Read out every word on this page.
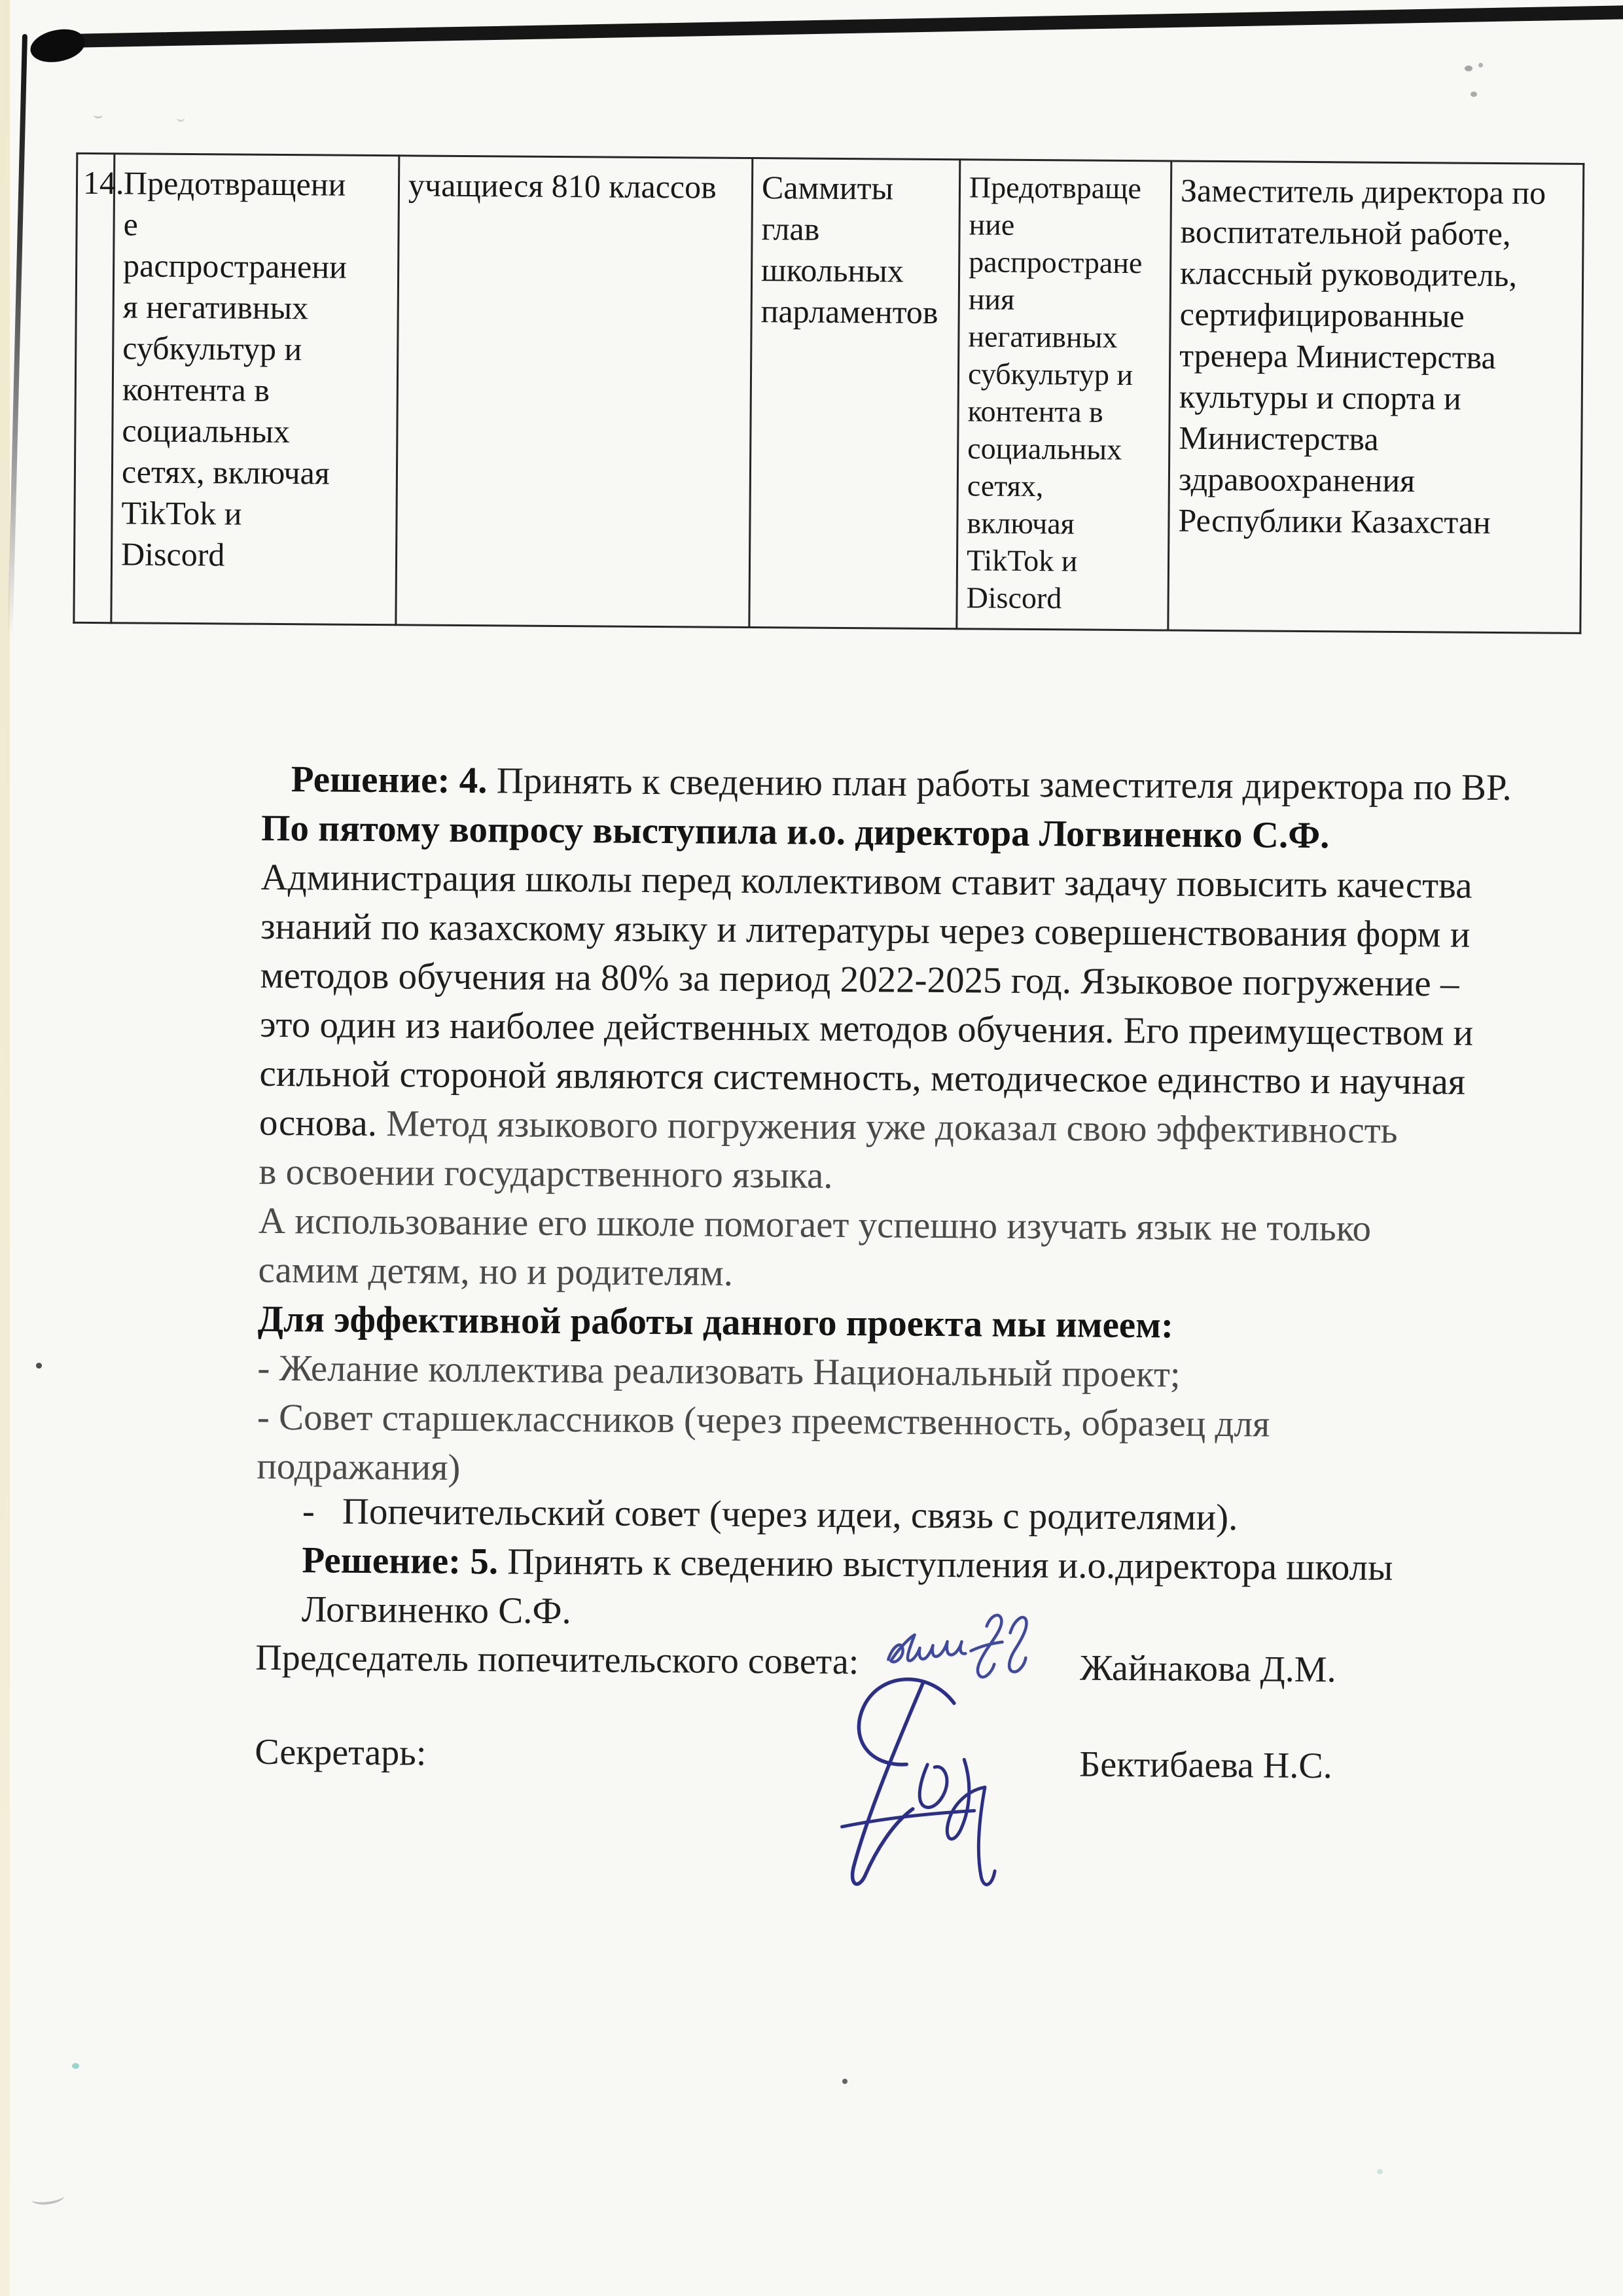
14.	Предотвращени
е
распространени
я негативных
субкультур и
контента в
социальных
сетях, включая
TikTok и
Discord	учащиеся 810 классов	Саммиты
глав
школьных
парламентов	Предотвраще
ние
распростране
ния
негативных
субкультур и
контента в
социальных
сетях,
включая
TikTok и
Discord	Заместитель директора по
воспитательной работе,
классный руководитель,
сертифицированные
тренера Министерства
культуры и спорта и
Министерства
здравоохранения
Республики Казахстан

Решение: 4. Принять к сведению план работы заместителя директора по ВР.

По пятому вопросу выступила и.о. директора Логвиненко С.Ф.

Администрация школы перед коллективом ставит задачу повысить качества
знаний по казахскому языку и литературы через совершенствования форм и
методов обучения на 80% за период 2022-2025 год. Языковое погружение –
это один из наиболее действенных методов обучения. Его преимуществом и
сильной стороной являются системность, методическое единство и научная
основа. Метод языкового погружения уже доказал свою эффективность
в освоении государственного языка.

А использование его школе помогает успешно изучать язык не только
самим детям, но и родителям.

Для эффективной работы данного проекта мы имеем:

- Желание коллектива реализовать Национальный проект;

- Совет старшеклассников (через преемственность, образец для
подражания)

- Попечительский совет (через идеи, связь с родителями).

Решение: 5. Принять к сведению выступления и.о.директора школы
Логвиненко С.Ф.

Председатель попечительского совета:	Жайнакова Д.М.
Секретарь:	Бектибаева Н.С.
